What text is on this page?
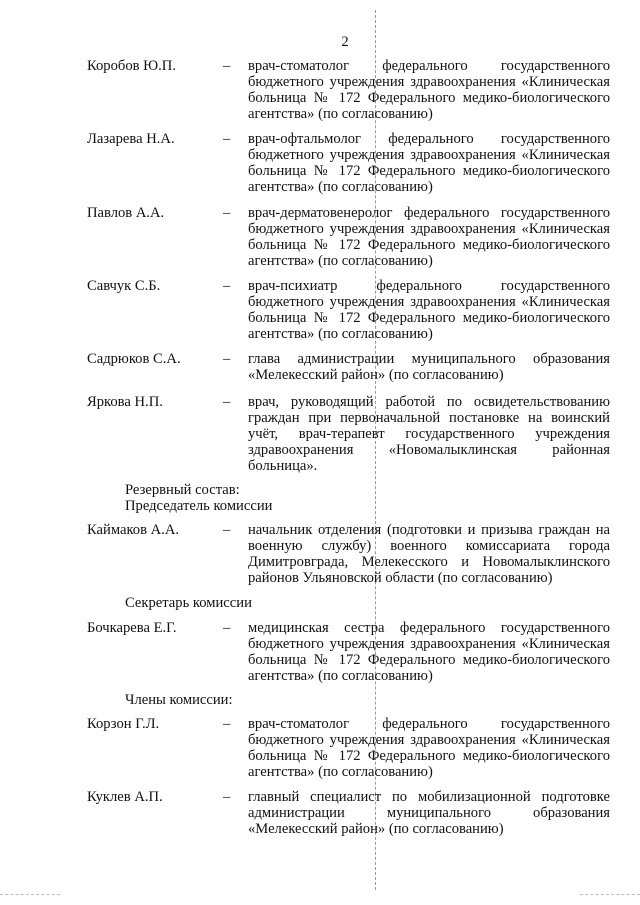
2
Коробов Ю.П.	– врач-стоматолог федерального государственного бюджетного учреждения здравоохранения «Клиническая больница № 172 Федерального медико-биологического агентства» (по согласованию)
Лазарева Н.А.	– врач-офтальмолог федерального государственного бюджетного учреждения здравоохранения «Клиническая больница № 172 Федерального медико-биологического агентства» (по согласованию)
Павлов А.А.	– врач-дерматовенеролог федерального государственного бюджетного учреждения здравоохранения «Клиническая больница № 172 Федерального медико-биологического агентства» (по согласованию)
Савчук С.Б.	– врач-психиатр федерального государственного бюджетного учреждения здравоохранения «Клиническая больница № 172 Федерального медико-биологического агентства» (по согласованию)
Садрюков С.А.	– глава администрации муниципального образования «Мелекесский район» (по согласованию)
Яркова Н.П.	– врач, руководящий работой по освидетельствованию граждан при первоначальной постановке на воинский учёт, врач-терапевт государственного учреждения здравоохранения «Новомалыклинская районная больница».
Резервный состав:
Председатель комиссии
Каймаков А.А.	– начальник отделения (подготовки и призыва граждан на военную службу) военного комиссариата города Димитровграда, Мелекесского и Новомалыклинского районов Ульяновской области (по согласованию)
Секретарь комиссии
Бочкарева Е.Г.	– медицинская сестра федерального государственного бюджетного учреждения здравоохранения «Клиническая больница № 172 Федерального медико-биологического агентства» (по согласованию)
Члены комиссии:
Корзон Г.Л.	– врач-стоматолог федерального государственного бюджетного учреждения здравоохранения «Клиническая больница № 172 Федерального медико-биологического агентства» (по согласованию)
Куклев А.П.	– главный специалист по мобилизационной подготовке администрации муниципального образования «Мелекесский район» (по согласованию)
